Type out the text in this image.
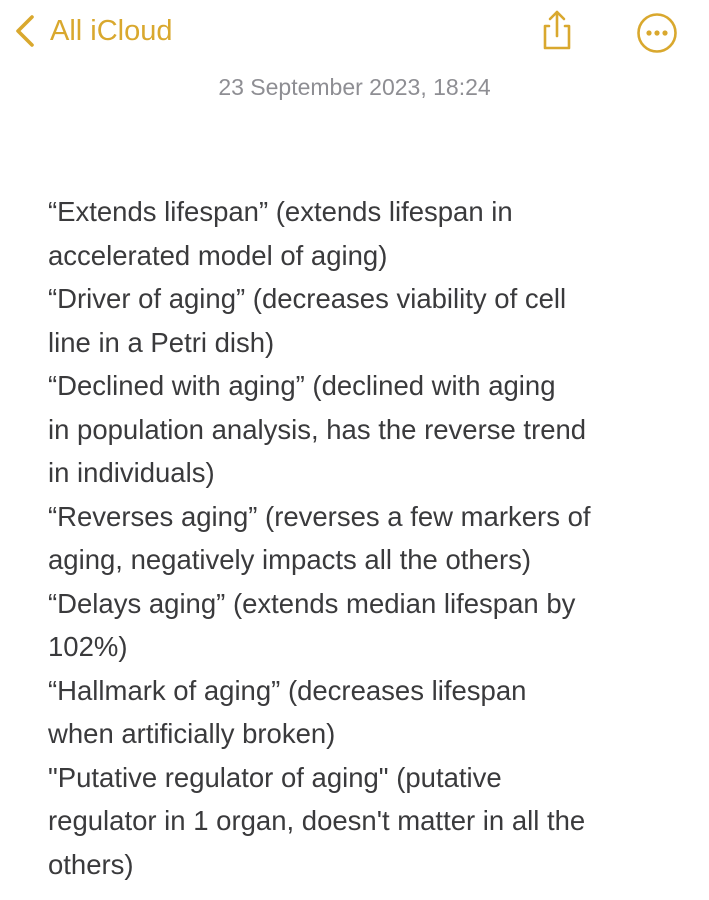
All iCloud
23 September 2023, 18:24
“Extends lifespan” (extends lifespan in
accelerated model of aging)
“Driver of aging” (decreases viability of cell
line in a Petri dish)
“Declined with aging” (declined with aging
in population analysis, has the reverse trend
in individuals)
“Reverses aging” (reverses a few markers of
aging, negatively impacts all the others)
“Delays aging” (extends median lifespan by
102%)
“Hallmark of aging” (decreases lifespan
when artificially broken)
"Putative regulator of aging" (putative
regulator in 1 organ, doesn't matter in all the
others)
